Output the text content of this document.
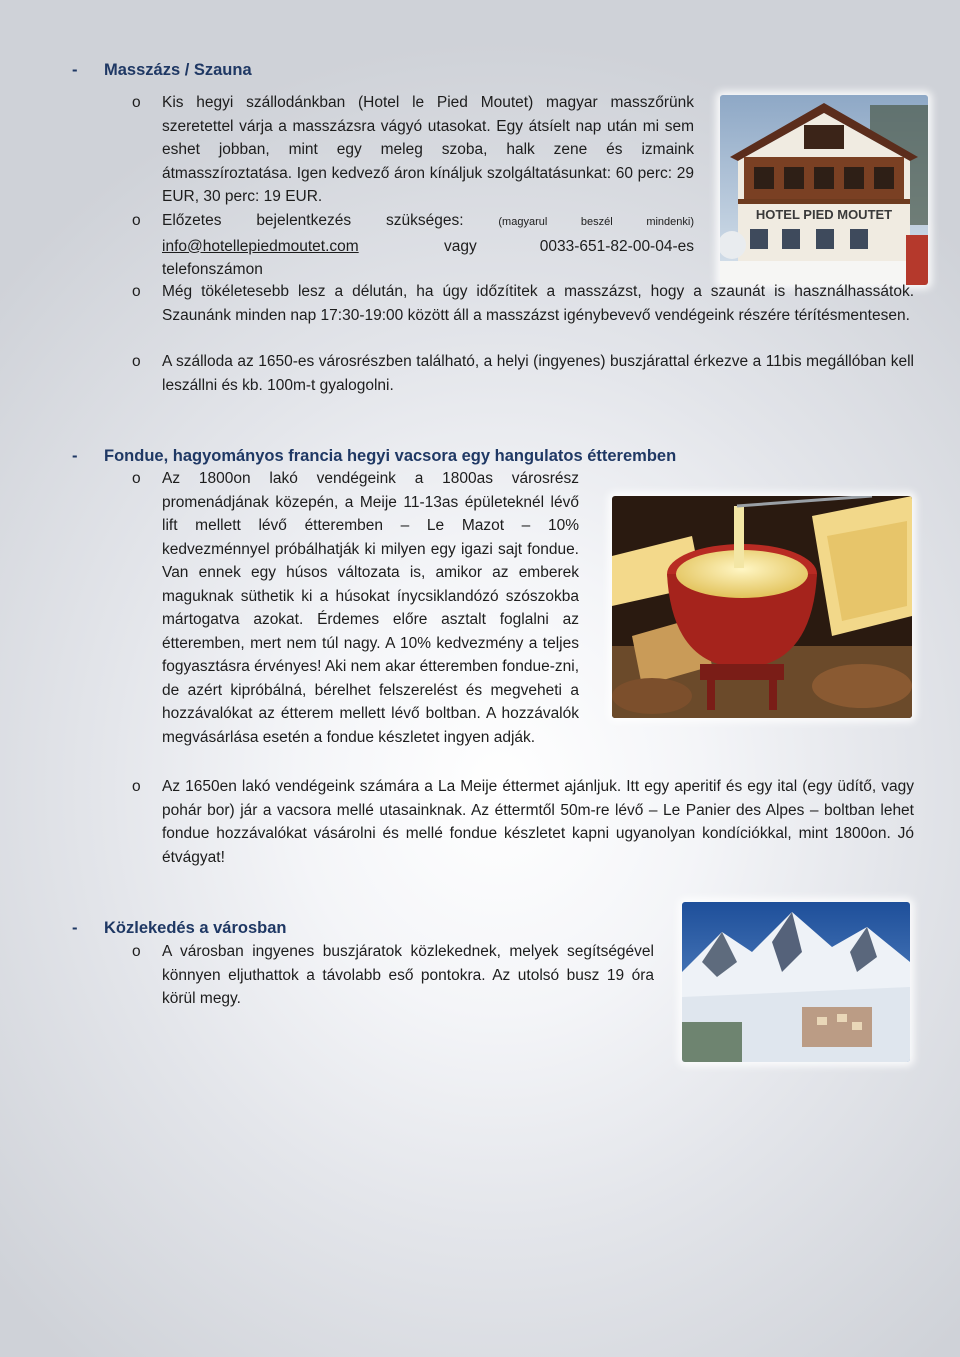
-	Masszázs / Szauna
HOTEL PIED MOUTET
o Kis hegyi szállodánkban (Hotel le Pied Moutet) magyar masszőrünk szeretettel várja a masszázsra vágyó utasokat. Egy átsíelt nap után mi sem eshet jobban, mint egy meleg szoba, halk zene és izmaink átmasszíroztatása. Igen kedvező áron kínáljuk szolgáltatásunkat: 60 perc: 29 EUR, 30 perc: 19 EUR.
o Előzetes bejelentkezés szükséges:	(magyarul beszél mindenki)
info@hotellepiedmoutet.com	vagy	0033-651-82-00-04-es
telefonszámon
o Még tökéletesebb lesz a délután, ha úgy időzítitek a masszázst, hogy a szaunát is használhassátok. Szaunánk minden nap 17:30-19:00 között áll a masszázst igénybevevő vendégeink részére térítésmentesen.
o A szálloda az 1650-es városrészben található, a helyi (ingyenes) buszjárattal érkezve a 11bis megállóban kell leszállni és kb. 100m-t gyalogolni.
-	Fondue, hagyományos francia hegyi vacsora egy hangulatos étteremben
o Az 1800on lakó vendégeink a 1800as városrész promenádjának közepén, a Meije 11-13as épületeknél lévő lift mellett lévő étteremben – Le Mazot – 10% kedvezménnyel próbálhatják ki milyen egy igazi sajt fondue. Van ennek egy húsos változata is, amikor az emberek maguknak süthetik ki a húsokat ínycsiklandózó szószokba mártogatva azokat. Érdemes előre asztalt foglalni az étteremben, mert nem túl nagy. A 10% kedvezmény a teljes fogyasztásra érvényes! Aki nem akar étteremben fondue-zni, de azért kipróbálná, bérelhet felszerelést és megveheti a hozzávalókat az étterem mellett lévő boltban. A hozzávalók megvásárlása esetén a fondue készletet ingyen adják.
o Az 1650en lakó vendégeink számára a La Meije éttermet ajánljuk. Itt egy aperitif és egy ital (egy üdítő, vagy pohár bor) jár a vacsora mellé utasainknak. Az éttermtől 50m-re lévő – Le Panier des Alpes – boltban lehet fondue hozzávalókat vásárolni és mellé fondue készletet kapni ugyanolyan kondíciókkal, mint 1800on. Jó étvágyat!
-	Közlekedés a városban
o A városban ingyenes buszjáratok közlekednek, melyek segítségével könnyen eljuthattok a távolabb eső pontokra. Az utolsó busz 19 óra körül megy.
